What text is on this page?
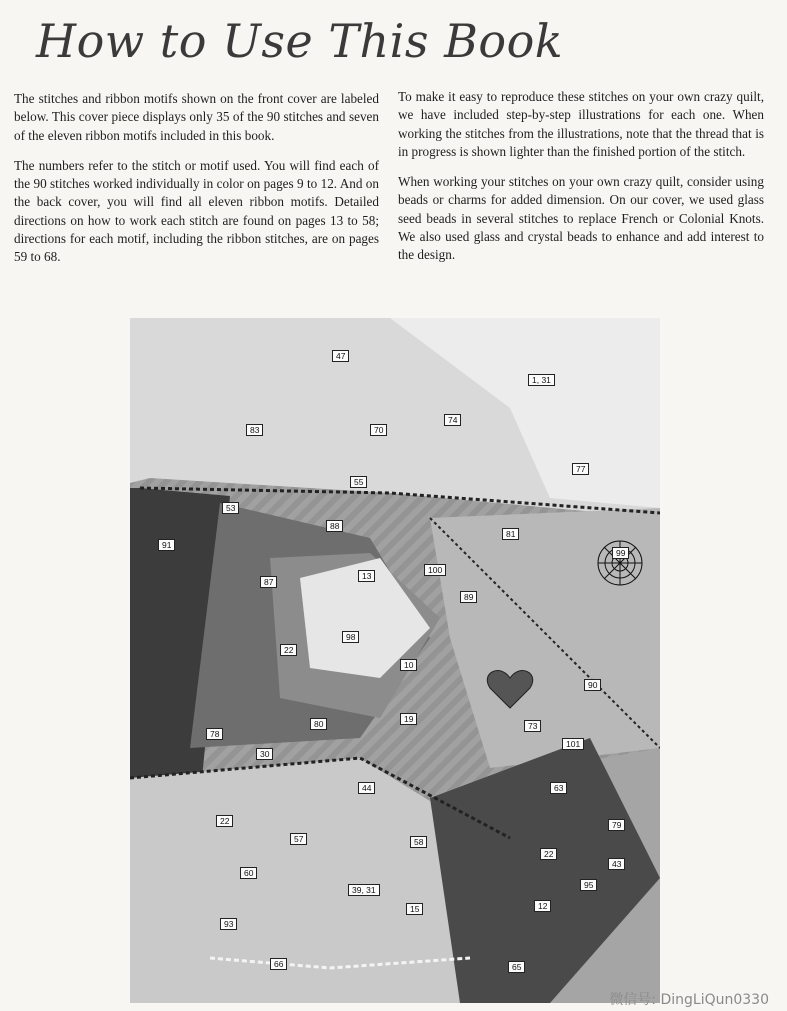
How to Use This Book

The stitches and ribbon motifs shown on the front cover are labeled below. This cover piece displays only 35 of the 90 stitches and seven of the eleven ribbon motifs included in this book.

The numbers refer to the stitch or motif used. You will find each of the 90 stitches worked individually in color on pages 9 to 12. And on the back cover, you will find all eleven ribbon motifs. Detailed directions on how to work each stitch are found on pages 13 to 58; directions for each motif, including the ribbon stitches, are on pages 59 to 68.

To make it easy to reproduce these stitches on your own crazy quilt, we have included step-by-step illustrations for each one. When working the stitches from the illustrations, note that the thread that is in progress is shown lighter than the finished portion of the stitch.

When working your stitches on your own crazy quilt, consider using beads or charms for added dimension. On our cover, we used glass seed beads in several stitches to replace French or Colonial Knots. We also used glass and crystal beads to enhance and add interest to the design.

47
1, 31
83	70
74
77
55
53
88
81
91
99
13
100
87
89
98
22
10
90
80	19
73
78
101
30
44	63
22	79
57	58
22
60
43
39, 31	95
15	12
93
66	65
微信号: DingLiQun0330
